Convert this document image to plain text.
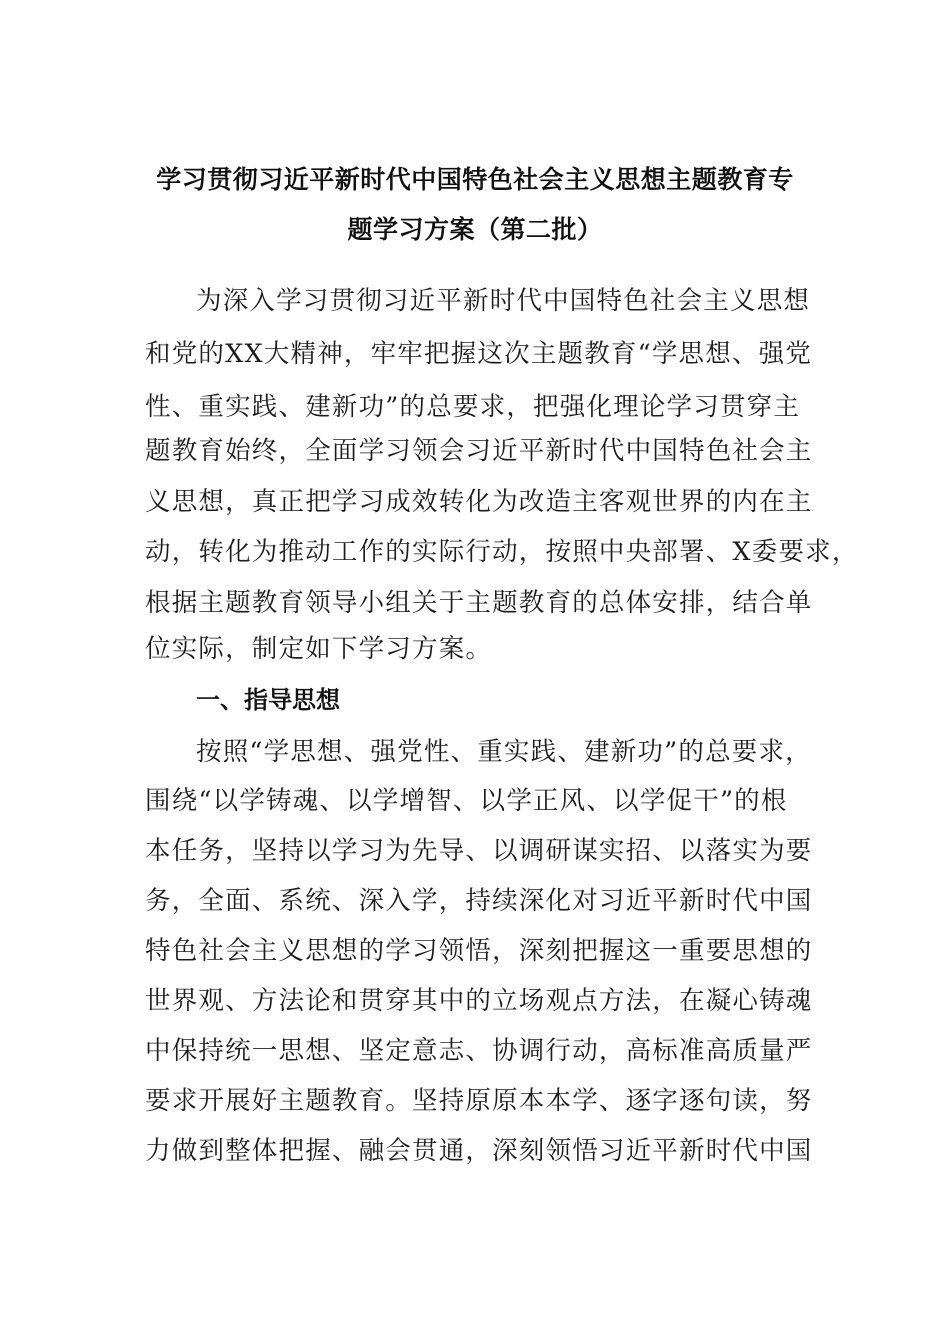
学习贯彻习近平新时代中国特色社会主义思想主题教育专
题学习方案（第二批）
为深入学习贯彻习近平新时代中国特色社会主义思想
和党的XX大精神，牢牢把握这次主题教育“学思想、强党
性、重实践、建新功”的总要求，把强化理论学习贯穿主
题教育始终，全面学习领会习近平新时代中国特色社会主
义思想，真正把学习成效转化为改造主客观世界的内在主
动，转化为推动工作的实际行动，按照中央部署、X委要求，
根据主题教育领导小组关于主题教育的总体安排，结合单
位实际，制定如下学习方案。
一、指导思想
按照“学思想、强党性、重实践、建新功”的总要求，
围绕“以学铸魂、以学增智、以学正风、以学促干”的根
本任务，坚持以学习为先导、以调研谋实招、以落实为要
务，全面、系统、深入学，持续深化对习近平新时代中国
特色社会主义思想的学习领悟，深刻把握这一重要思想的
世界观、方法论和贯穿其中的立场观点方法，在凝心铸魂
中保持统一思想、坚定意志、协调行动，高标准高质量严
要求开展好主题教育。坚持原原本本学、逐字逐句读，努
力做到整体把握、融会贯通，深刻领悟习近平新时代中国
